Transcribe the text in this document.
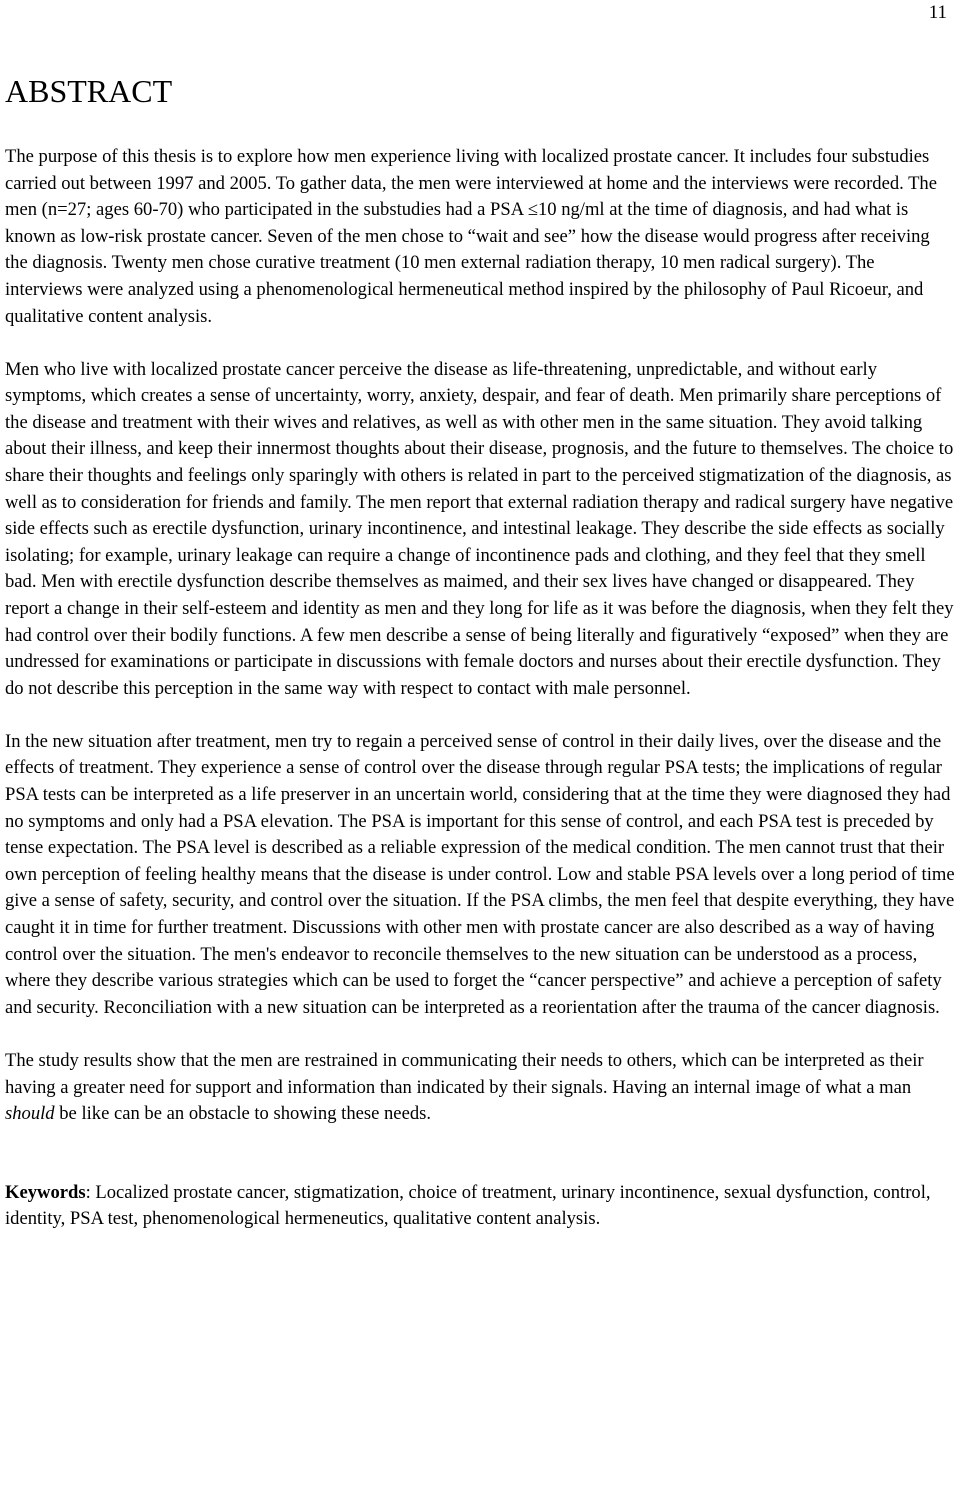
11
ABSTRACT

The purpose of this thesis is to explore how men experience living with localized prostate cancer. It includes four substudies carried out between 1997 and 2005. To gather data, the men were interviewed at home and the interviews were recorded. The men (n=27; ages 60-70) who participated in the substudies had a PSA ≤10 ng/ml at the time of diagnosis, and had what is known as low-risk prostate cancer. Seven of the men chose to “wait and see” how the disease would progress after receiving the diagnosis. Twenty men chose curative treatment (10 men external radiation therapy, 10 men radical surgery). The interviews were analyzed using a phenomenological hermeneutical method inspired by the philosophy of Paul Ricoeur, and qualitative content analysis.

Men who live with localized prostate cancer perceive the disease as life-threatening, unpredictable, and without early symptoms, which creates a sense of uncertainty, worry, anxiety, despair, and fear of death. Men primarily share perceptions of the disease and treatment with their wives and relatives, as well as with other men in the same situation. They avoid talking about their illness, and keep their innermost thoughts about their disease, prognosis, and the future to themselves. The choice to share their thoughts and feelings only sparingly with others is related in part to the perceived stigmatization of the diagnosis, as well as to consideration for friends and family. The men report that external radiation therapy and radical surgery have negative side effects such as erectile dysfunction, urinary incontinence, and intestinal leakage. They describe the side effects as socially isolating; for example, urinary leakage can require a change of incontinence pads and clothing, and they feel that they smell bad. Men with erectile dysfunction describe themselves as maimed, and their sex lives have changed or disappeared. They report a change in their self-esteem and identity as men and they long for life as it was before the diagnosis, when they felt they had control over their bodily functions. A few men describe a sense of being literally and figuratively “exposed” when they are undressed for examinations or participate in discussions with female doctors and nurses about their erectile dysfunction. They do not describe this perception in the same way with respect to contact with male personnel.

In the new situation after treatment, men try to regain a perceived sense of control in their daily lives, over the disease and the effects of treatment. They experience a sense of control over the disease through regular PSA tests; the implications of regular PSA tests can be interpreted as a life preserver in an uncertain world, considering that at the time they were diagnosed they had no symptoms and only had a PSA elevation. The PSA is important for this sense of control, and each PSA test is preceded by tense expectation. The PSA level is described as a reliable expression of the medical condition. The men cannot trust that their own perception of feeling healthy means that the disease is under control. Low and stable PSA levels over a long period of time give a sense of safety, security, and control over the situation. If the PSA climbs, the men feel that despite everything, they have caught it in time for further treatment. Discussions with other men with prostate cancer are also described as a way of having control over the situation. The men's endeavor to reconcile themselves to the new situation can be understood as a process, where they describe various strategies which can be used to forget the “cancer perspective” and achieve a perception of safety and security. Reconciliation with a new situation can be interpreted as a reorientation after the trauma of the cancer diagnosis.

The study results show that the men are restrained in communicating their needs to others, which can be interpreted as their having a greater need for support and information than indicated by their signals. Having an internal image of what a man should be like can be an obstacle to showing these needs.

Keywords: Localized prostate cancer, stigmatization, choice of treatment, urinary incontinence, sexual dysfunction, control, identity, PSA test, phenomenological hermeneutics, qualitative content analysis.
